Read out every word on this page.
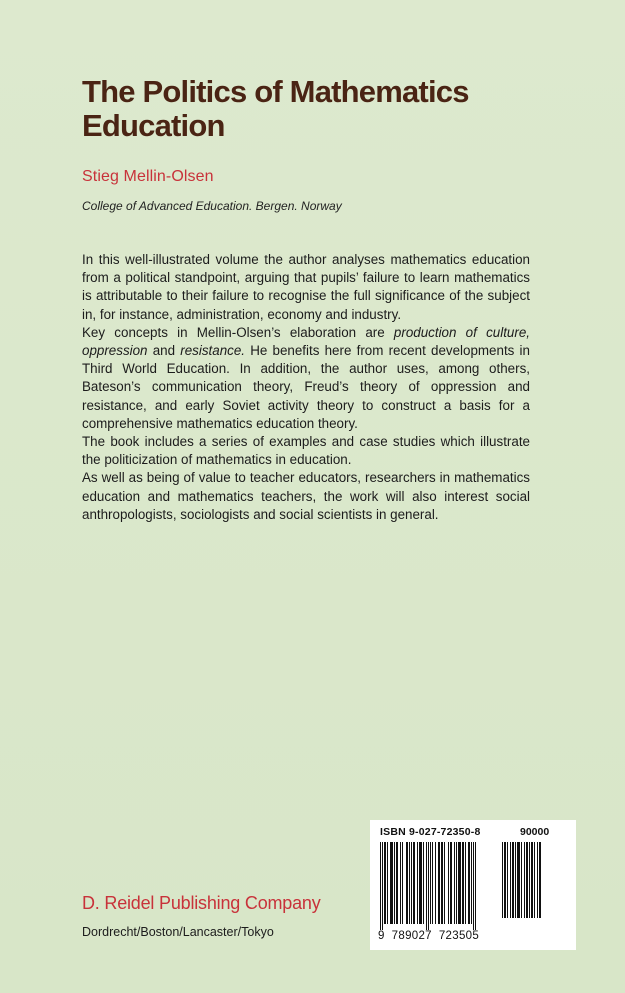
The Politics of Mathematics Education
Stieg Mellin-Olsen
College of Advanced Education. Bergen. Norway

In this well-illustrated volume the author analyses mathematics education from a political standpoint, arguing that pupils’ failure to learn mathematics is attributable to their failure to recognise the full significance of the subject in, for instance, administration, economy and industry.

Key concepts in Mellin-Olsen’s elaboration are production of culture, oppression and resistance. He benefits here from recent developments in Third World Education. In addition, the author uses, among others, Bateson’s communication theory, Freud’s theory of oppression and resistance, and early Soviet activity theory to construct a basis for a comprehensive mathematics education theory.

The book includes a series of examples and case studies which illustrate the politicization of mathematics in education.

As well as being of value to teacher educators, researchers in mathematics education and mathematics teachers, the work will also interest social anthropologists, sociologists and social scientists in general.

ISBN 9-027-72350-8	90000
9  789027  723505
D. Reidel Publishing Company
Dordrecht/Boston/Lancaster/Tokyo
